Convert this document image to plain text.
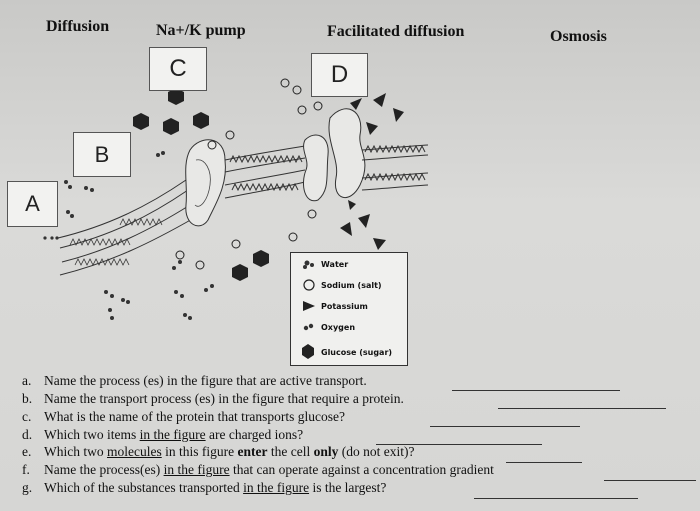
Diffusion	Na+/K pump	Facilitated diffusion	Osmosis
C	D
B
A
Water
Sodium (salt)
Potassium
Oxygen
Glucose (sugar)
a. Name the process (es) in the figure that are active transport.
b. Name the transport process (es) in the figure that require a protein.
c. What is the name of the protein that transports glucose?
d. Which two items in the figure are charged ions?
e. Which two molecules in this figure enter the cell only (do not exit)?
f. Name the process(es) in the figure that can operate against a concentration gradient
g. Which of the substances transported in the figure is the largest?
